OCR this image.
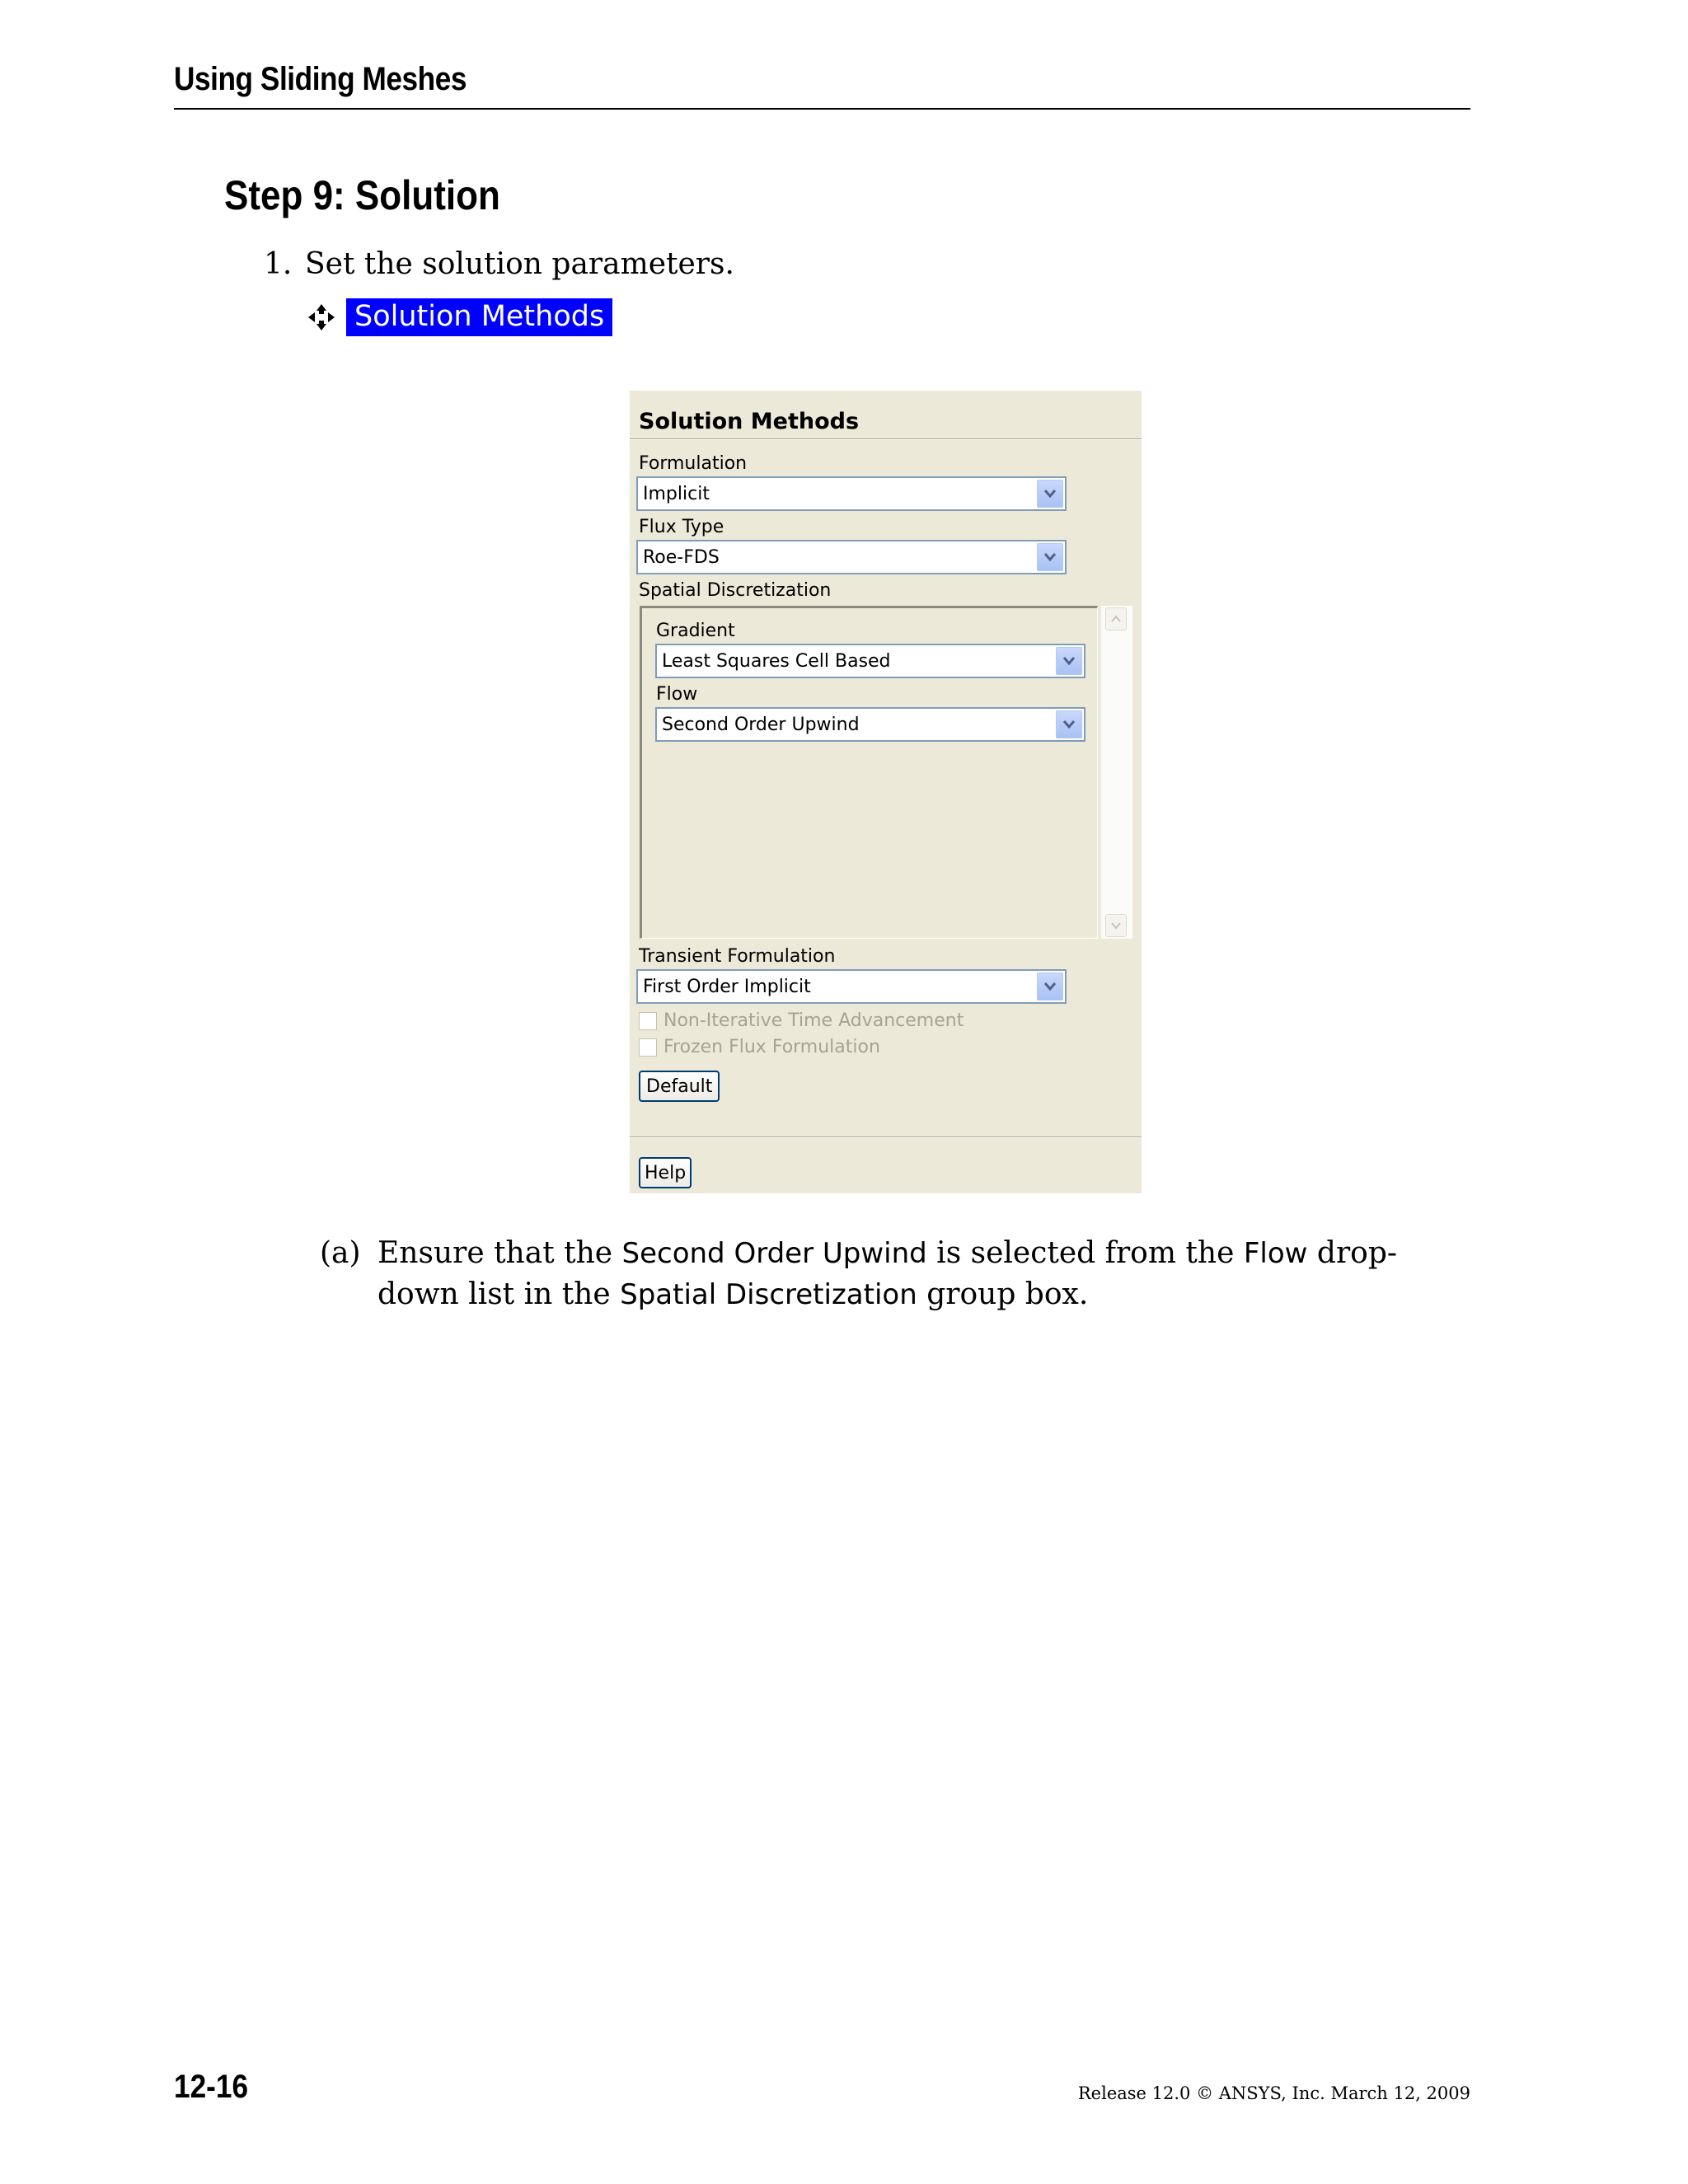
Using Sliding Meshes
Step 9: Solution
1. Set the solution parameters.
Solution Methods
Solution Methods
Formulation
Implicit
Flux Type
Roe-FDS
Spatial Discretization
Gradient
Least Squares Cell Based
Flow
Second Order Upwind
Transient Formulation
First Order Implicit
Non-Iterative Time Advancement
Frozen Flux Formulation
Default
Help
(a) Ensure that the Second Order Upwind is selected from the Flow drop-down list in the Spatial Discretization group box.
12-16	Release 12.0 © ANSYS, Inc. March 12, 2009
